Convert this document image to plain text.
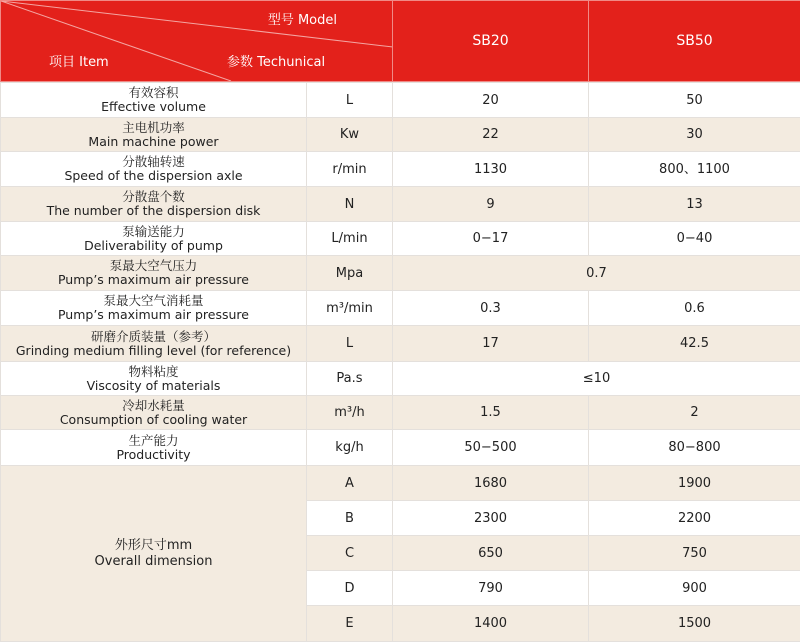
型号 Model
项目 Item	参数 Techunical
	SB20	SB50
有效容积
Effective volume	L	20	50

主电机功率
Main machine power	Kw	22	30

分散轴转速
Speed of the dispersion axle	r/min	1130	800、1100

分散盘个数
The number of the dispersion disk	N	9	13

泵输送能力
Deliverability of pump	L/min	0−17	0−40

泵最大空气压力
Pump’s maximum air pressure	Mpa	0.7	

泵最大空气消耗量
Pump’s maximum air pressure	m³/min	0.3	0.6

研磨介质装量（参考）
Grinding medium filling level (for reference)	L	17	42.5

物料粘度
Viscosity of materials	Pa.s	≤10	

冷却水耗量
Consumption of cooling water	m³/h	1.5	2

生产能力
Productivity	kg/h	50−500	80−800

外形尺寸mm
Overall dimension	A	1680	1900
	B	2300	2200
	C	650	750
	D	790	900
	E	1400	1500
